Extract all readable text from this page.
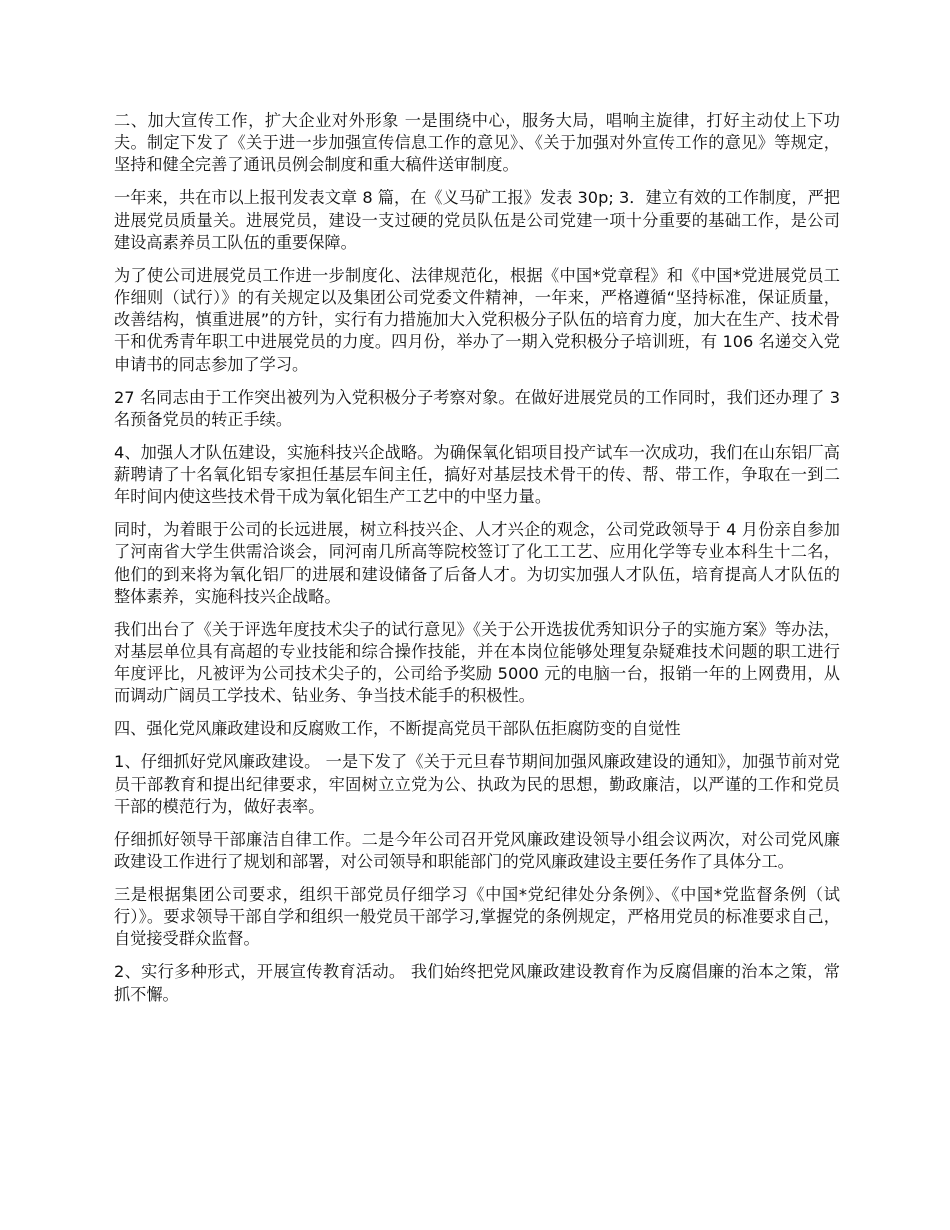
二、加大宣传工作，扩大企业对外形象 一是围绕中心，服务大局，唱响主旋律，打好主动仗上下功夫。制定下发了《关于进一步加强宣传信息工作的意见》、《关于加强对外宣传工作的意见》等规定，坚持和健全完善了通讯员例会制度和重大稿件送审制度。

一年来，共在市以上报刊发表文章 8 篇，在《义马矿工报》发表 30p; 3．建立有效的工作制度，严把进展党员质量关。进展党员，建设一支过硬的党员队伍是公司党建一项十分重要的基础工作，是公司建设高素养员工队伍的重要保障。

为了使公司进展党员工作进一步制度化、法律规范化，根据《中国*党章程》和《中国*党进展党员工作细则（试行）》的有关规定以及集团公司党委文件精神，一年来，严格遵循“坚持标准，保证质量，改善结构，慎重进展”的方针，实行有力措施加大入党积极分子队伍的培育力度，加大在生产、技术骨干和优秀青年职工中进展党员的力度。四月份，举办了一期入党积极分子培训班，有 106 名递交入党申请书的同志参加了学习。

27 名同志由于工作突出被列为入党积极分子考察对象。在做好进展党员的工作同时，我们还办理了 3 名预备党员的转正手续。

4、加强人才队伍建设，实施科技兴企战略。为确保氧化铝项目投产试车一次成功，我们在山东铝厂高薪聘请了十名氧化铝专家担任基层车间主任，搞好对基层技术骨干的传、帮、带工作，争取在一到二年时间内使这些技术骨干成为氧化铝生产工艺中的中坚力量。

同时，为着眼于公司的长远进展，树立科技兴企、人才兴企的观念，公司党政领导于 4 月份亲自参加了河南省大学生供需洽谈会，同河南几所高等院校签订了化工工艺、应用化学等专业本科生十二名，他们的到来将为氧化铝厂的进展和建设储备了后备人才。为切实加强人才队伍，培育提高人才队伍的整体素养，实施科技兴企战略。

我们出台了《关于评选年度技术尖子的试行意见》《关于公开选拔优秀知识分子的实施方案》等办法，对基层单位具有高超的专业技能和综合操作技能，并在本岗位能够处理复杂疑难技术问题的职工进行年度评比，凡被评为公司技术尖子的，公司给予奖励 5000 元的电脑一台，报销一年的上网费用，从而调动广阔员工学技术、钻业务、争当技术能手的积极性。

四、强化党风廉政建设和反腐败工作，不断提高党员干部队伍拒腐防变的自觉性

1、仔细抓好党风廉政建设。 一是下发了《关于元旦春节期间加强风廉政建设的通知》，加强节前对党员干部教育和提出纪律要求，牢固树立立党为公、执政为民的思想，勤政廉洁，以严谨的工作和党员干部的模范行为，做好表率。

仔细抓好领导干部廉洁自律工作。二是今年公司召开党风廉政建设领导小组会议两次，对公司党风廉政建设工作进行了规划和部署，对公司领导和职能部门的党风廉政建设主要任务作了具体分工。

三是根据集团公司要求，组织干部党员仔细学习《中国*党纪律处分条例》、《中国*党监督条例（试行）》。要求领导干部自学和组织一般党员干部学习,掌握党的条例规定，严格用党员的标准要求自己，自觉接受群众监督。

2、实行多种形式，开展宣传教育活动。 我们始终把党风廉政建设教育作为反腐倡廉的治本之策，常抓不懈。
